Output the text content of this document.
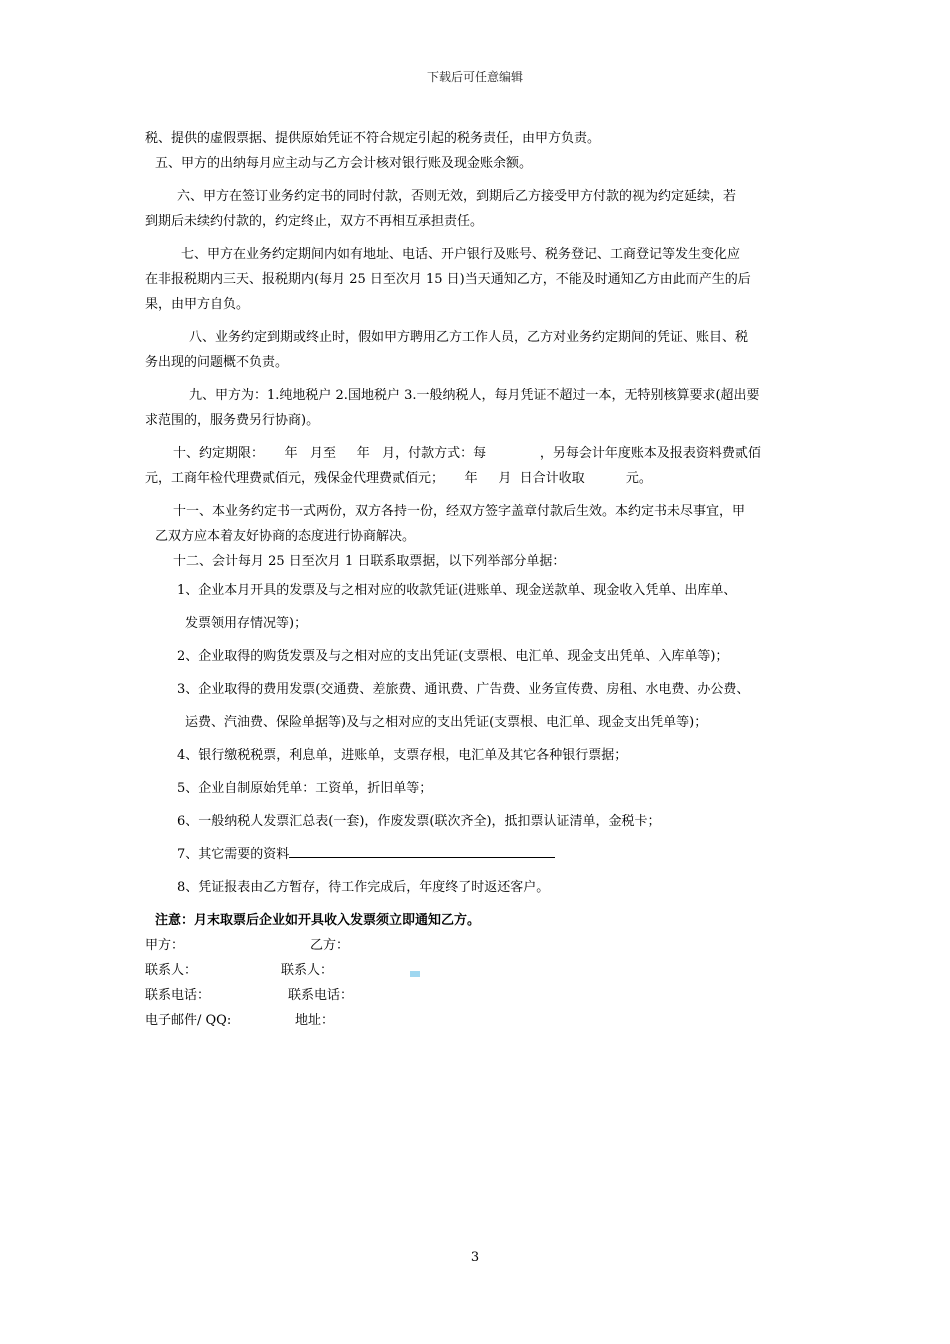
下载后可任意编辑

税、提供的虚假票据、提供原始凭证不符合规定引起的税务责任，由甲方负责。

五、甲方的出纳每月应主动与乙方会计核对银行账及现金账余额。

六、甲方在签订业务约定书的同时付款，否则无效，到期后乙方接受甲方付款的视为约定延续，若

到期后未续约付款的，约定终止，双方不再相互承担责任。

七、甲方在业务约定期间内如有地址、电话、开户银行及账号、税务登记、工商登记等发生变化应

在非报税期内三天、报税期内(每月 25 日至次月 15 日)当天通知乙方，不能及时通知乙方由此而产生的后

果，由甲方自负。

八、业务约定到期或终止时，假如甲方聘用乙方工作人员，乙方对业务约定期间的凭证、账目、税

务出现的问题概不负责。

九、甲方为：1.纯地税户 2.国地税户 3.一般纳税人，每月凭证不超过一本，无特别核算要求(超出要

求范围的，服务费另行协商)。

十、约定期限：     年   月至     年   月，付款方式：每             ，另每会计年度账本及报表资料费贰佰

元，工商年检代理费贰佰元，残保金代理费贰佰元；     年     月  日合计收取          元。

十一、本业务约定书一式两份，双方各持一份，经双方签字盖章付款后生效。本约定书未尽事宜，甲

乙双方应本着友好协商的态度进行协商解决。

十二、会计每月 25 日至次月 1 日联系取票据，以下列举部分单据：

1、企业本月开具的发票及与之相对应的收款凭证(进账单、现金送款单、现金收入凭单、出库单、

发票领用存情况等)；

2、企业取得的购货发票及与之相对应的支出凭证(支票根、电汇单、现金支出凭单、入库单等)；

3、企业取得的费用发票(交通费、差旅费、通讯费、广告费、业务宣传费、房租、水电费、办公费、

运费、汽油费、保险单据等)及与之相对应的支出凭证(支票根、电汇单、现金支出凭单等)；

4、银行缴税税票，利息单，进账单，支票存根，电汇单及其它各种银行票据；

5、企业自制原始凭单：工资单，折旧单等；

6、一般纳税人发票汇总表(一套)，作废发票(联次齐全)，抵扣票认证清单，金税卡；

7、其它需要的资料

8、凭证报表由乙方暂存，待工作完成后，年度终了时返还客户。

注意：月末取票后企业如开具收入发票须立即通知乙方。

甲方：	乙方：
联系人：	联系人：
联系电话：	联系电话：
电子邮件/ QQ:	地址：
3
